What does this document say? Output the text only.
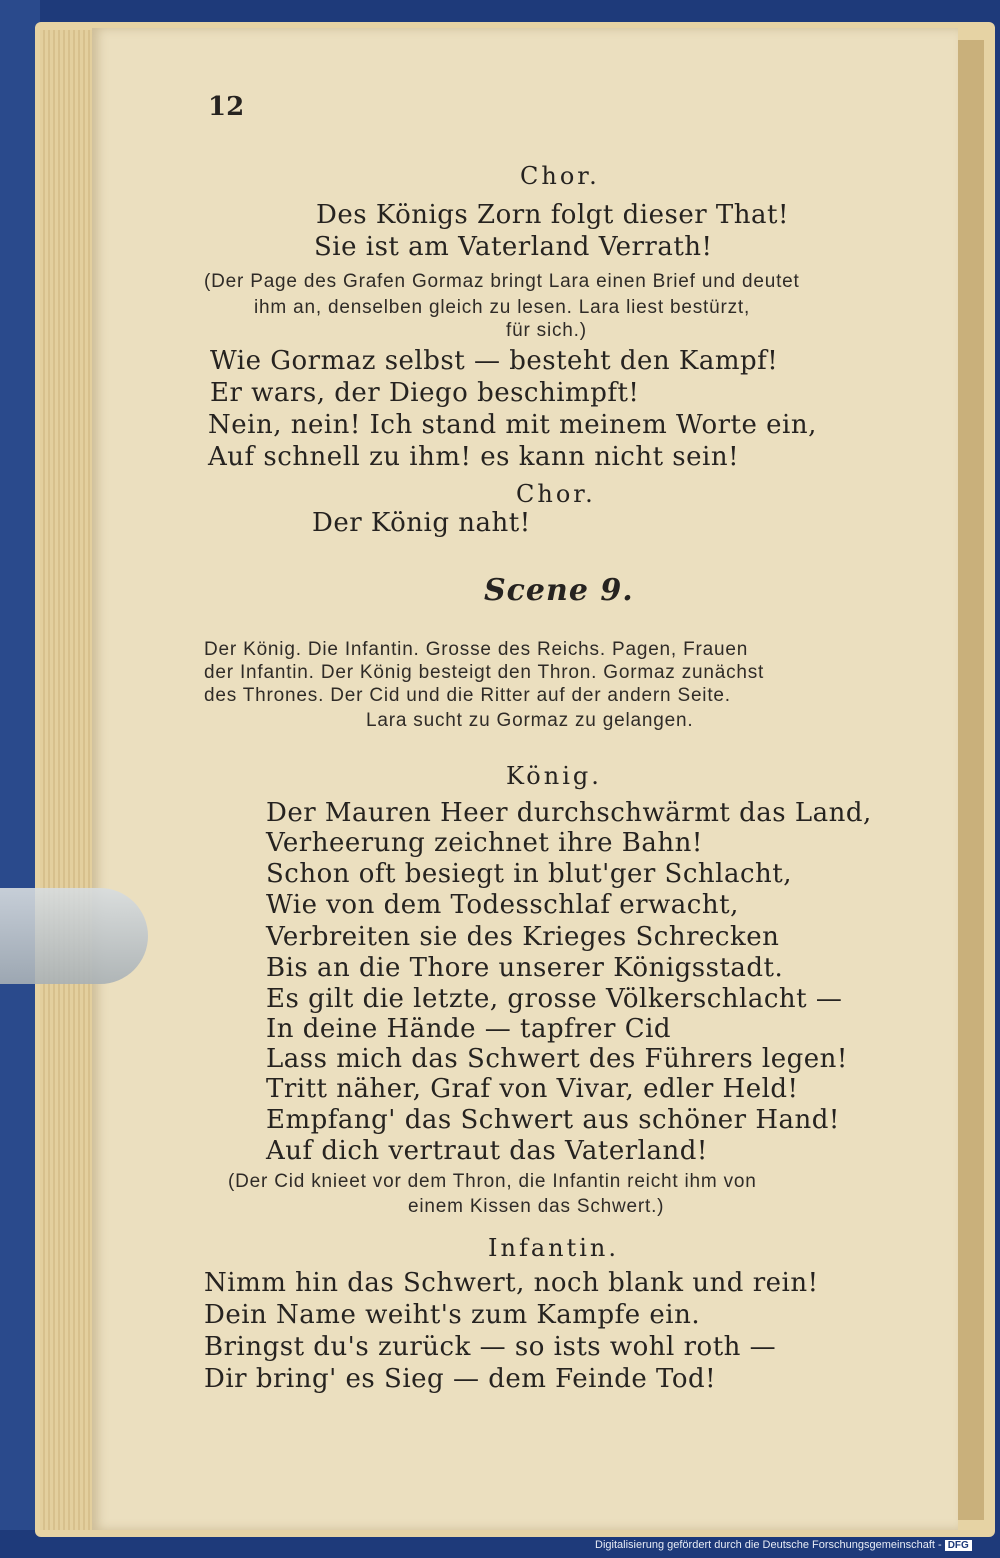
12
Chor.
Des Königs Zorn folgt dieser That!
Sie ist am Vaterland Verrath!
(Der Page des Grafen Gormaz bringt Lara einen Brief und deutet
ihm an, denselben gleich zu lesen. Lara liest bestürzt,
für sich.)
Wie Gormaz selbst — besteht den Kampf!
Er wars, der Diego beschimpft!
Nein, nein! Ich stand mit meinem Worte ein,
Auf schnell zu ihm! es kann nicht sein!
Chor.
Der König naht!
Scene 9.
Der König. Die Infantin. Grosse des Reichs. Pagen, Frauen
der Infantin. Der König besteigt den Thron. Gormaz zunächst
des Thrones. Der Cid und die Ritter auf der andern Seite.
Lara sucht zu Gormaz zu gelangen.
König.
Der Mauren Heer durchschwärmt das Land,
Verheerung zeichnet ihre Bahn!
Schon oft besiegt in blut'ger Schlacht,
Wie von dem Todesschlaf erwacht,
Verbreiten sie des Krieges Schrecken
Bis an die Thore unserer Königsstadt.
Es gilt die letzte, grosse Völkerschlacht —
In deine Hände — tapfrer Cid
Lass mich das Schwert des Führers legen!
Tritt näher, Graf von Vivar, edler Held!
Empfang' das Schwert aus schöner Hand!
Auf dich vertraut das Vaterland!
(Der Cid knieet vor dem Thron, die Infantin reicht ihm von
einem Kissen das Schwert.)
Infantin.
Nimm hin das Schwert, noch blank und rein!
Dein Name weiht's zum Kampfe ein.
Bringst du's zurück — so ists wohl roth —
Dir bring' es Sieg — dem Feinde Tod!
Digitalisierung gefördert durch die Deutsche Forschungsgemeinschaft - DFG
